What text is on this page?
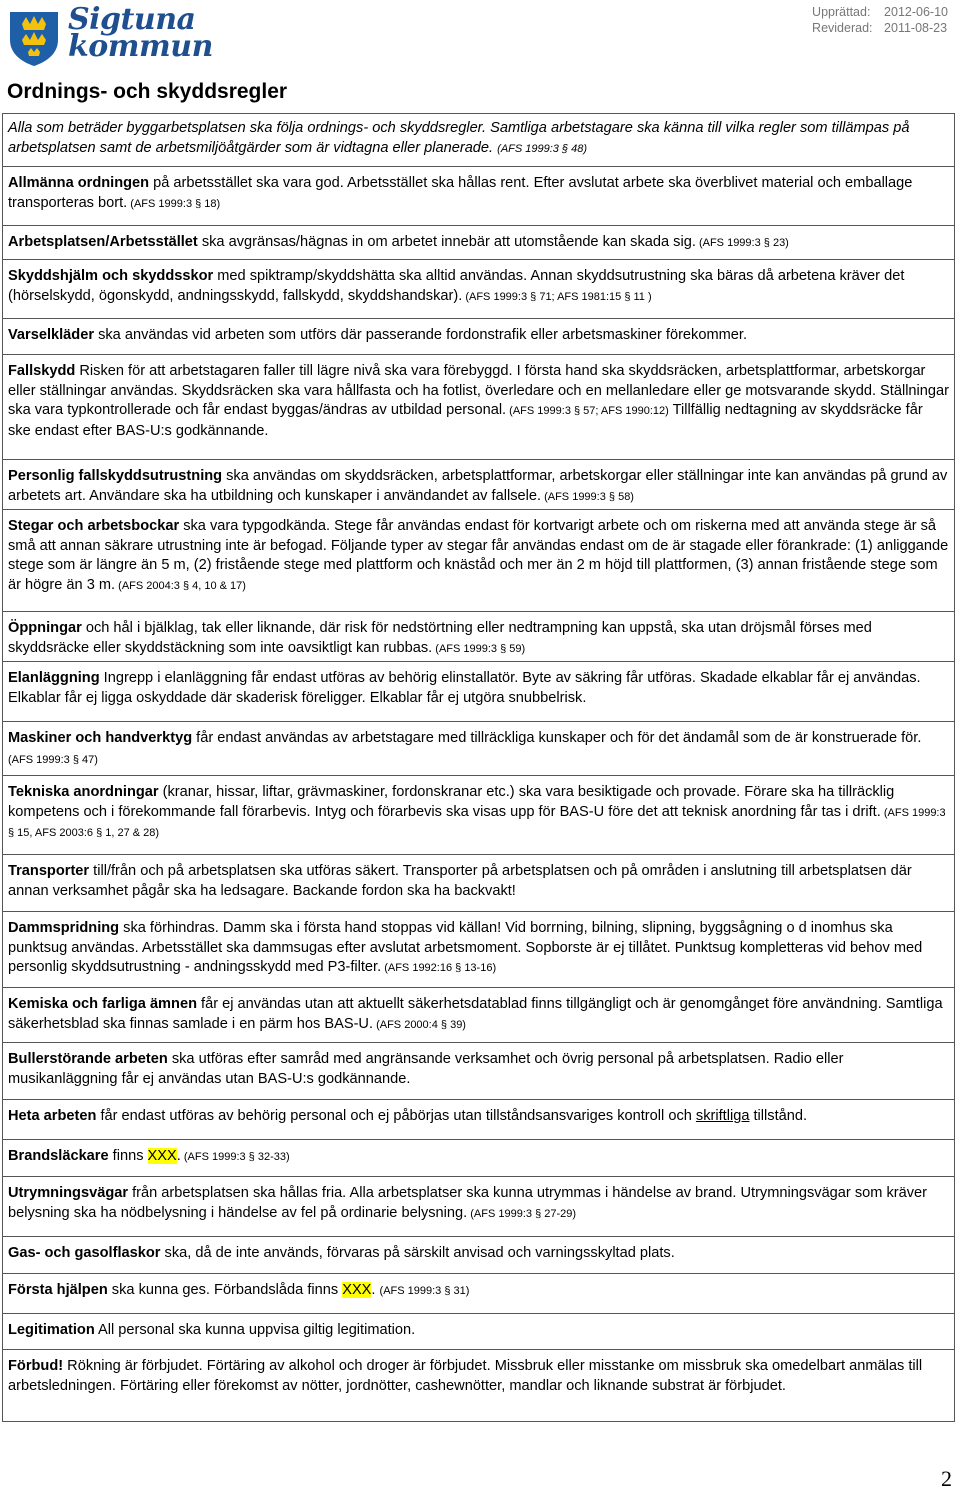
Sigtuna
kommun
Upprättad: 2012-06-10
Reviderad: 2011-08-23
Ordnings- och skyddsregler
Alla som beträder byggarbetsplatsen ska följa ordnings- och skyddsregler. Samtliga arbetstagare ska känna till vilka regler som tillämpas på arbetsplatsen samt de arbetsmiljöåtgärder som är vidtagna eller planerade. (AFS 1999:3 § 48)
Allmänna ordningen på arbetsstället ska vara god. Arbetsstället ska hållas rent. Efter avslutat arbete ska överblivet material och emballage transporteras bort. (AFS 1999:3 § 18)
Arbetsplatsen/Arbetsstället ska avgränsas/hägnas in om arbetet innebär att utomstående kan skada sig. (AFS 1999:3 § 23)
Skyddshjälm och skyddsskor med spiktramp/skyddshätta ska alltid användas. Annan skyddsutrustning ska bäras då arbetena kräver det (hörselskydd, ögonskydd, andningsskydd, fallskydd, skyddshandskar). (AFS 1999:3 § 71; AFS 1981:15 § 11 )
Varselkläder ska användas vid arbeten som utförs där passerande fordonstrafik eller arbetsmaskiner förekommer.
Fallskydd Risken för att arbetstagaren faller till lägre nivå ska vara förebyggd. I första hand ska skyddsräcken, arbetsplattformar, arbetskorgar eller ställningar användas. Skyddsräcken ska vara hållfasta och ha fotlist, överledare och en mellanledare eller ge motsvarande skydd. Ställningar ska vara typkontrollerade och får endast byggas/ändras av utbildad personal. (AFS 1999:3 § 57; AFS 1990:12) Tillfällig nedtagning av skyddsräcke får ske endast efter BAS-U:s godkännande.
Personlig fallskyddsutrustning ska användas om skyddsräcken, arbetsplattformar, arbetskorgar eller ställningar inte kan användas på grund av arbetets art. Användare ska ha utbildning och kunskaper i användandet av fallsele. (AFS 1999:3 § 58)
Stegar och arbetsbockar ska vara typgodkända. Stege får användas endast för kortvarigt arbete och om riskerna med att använda stege är så små att annan säkrare utrustning inte är befogad. Följande typer av stegar får användas endast om de är stagade eller förankrade: (1) anliggande stege som är längre än 5 m, (2) fristående stege med plattform och knäståd och mer än 2 m höjd till plattformen, (3) annan fristående stege som är högre än 3 m. (AFS 2004:3 § 4, 10 & 17)
Öppningar och hål i bjälklag, tak eller liknande, där risk för nedstörtning eller nedtrampning kan uppstå, ska utan dröjsmål förses med skyddsräcke eller skyddstäckning som inte oavsiktligt kan rubbas. (AFS 1999:3 § 59)
Elanläggning Ingrepp i elanläggning får endast utföras av behörig elinstallatör. Byte av säkring får utföras. Skadade elkablar får ej användas. Elkablar får ej ligga oskyddade där skaderisk föreligger. Elkablar får ej utgöra snubbelrisk.
Maskiner och handverktyg får endast användas av arbetstagare med tillräckliga kunskaper och för det ändamål som de är konstruerade för. (AFS 1999:3 § 47)
Tekniska anordningar (kranar, hissar, liftar, grävmaskiner, fordonskranar etc.) ska vara besiktigade och provade. Förare ska ha tillräcklig kompetens och i förekommande fall förarbevis. Intyg och förarbevis ska visas upp för BAS-U före det att teknisk anordning får tas i drift. (AFS 1999:3 § 15, AFS 2003:6 § 1, 27 & 28)
Transporter till/från och på arbetsplatsen ska utföras säkert. Transporter på arbetsplatsen och på områden i anslutning till arbetsplatsen där annan verksamhet pågår ska ha ledsagare. Backande fordon ska ha backvakt!
Dammspridning ska förhindras. Damm ska i första hand stoppas vid källan! Vid borrning, bilning, slipning, byggsågning o d inomhus ska punktsug användas. Arbetsstället ska dammsugas efter avslutat arbetsmoment. Sopborste är ej tillåtet. Punktsug kompletteras vid behov med personlig skyddsutrustning - andningsskydd med P3-filter. (AFS 1992:16 § 13-16)
Kemiska och farliga ämnen får ej användas utan att aktuellt säkerhetsdatablad finns tillgängligt och är genomgånget före användning. Samtliga säkerhetsblad ska finnas samlade i en pärm hos BAS-U. (AFS 2000:4 § 39)
Bullerstörande arbeten ska utföras efter samråd med angränsande verksamhet och övrig personal på arbetsplatsen. Radio eller musikanläggning får ej användas utan BAS-U:s godkännande.
Heta arbeten får endast utföras av behörig personal och ej påbörjas utan tillståndsansvariges kontroll och skriftliga tillstånd.
Brandsläckare finns XXX. (AFS 1999:3 § 32-33)
Utrymningsvägar från arbetsplatsen ska hållas fria. Alla arbetsplatser ska kunna utrymmas i händelse av brand. Utrymningsvägar som kräver belysning ska ha nödbelysning i händelse av fel på ordinarie belysning. (AFS 1999:3 § 27-29)
Gas- och gasolflaskor ska, då de inte används, förvaras på särskilt anvisad och varningsskyltad plats.
Första hjälpen ska kunna ges. Förbandslåda finns XXX. (AFS 1999:3 § 31)
Legitimation All personal ska kunna uppvisa giltig legitimation.
Förbud! Rökning är förbjudet. Förtäring av alkohol och droger är förbjudet. Missbruk eller misstanke om missbruk ska omedelbart anmälas till arbetsledningen. Förtäring eller förekomst av nötter, jordnötter, cashewnötter, mandlar och liknande substrat är förbjudet.
2
